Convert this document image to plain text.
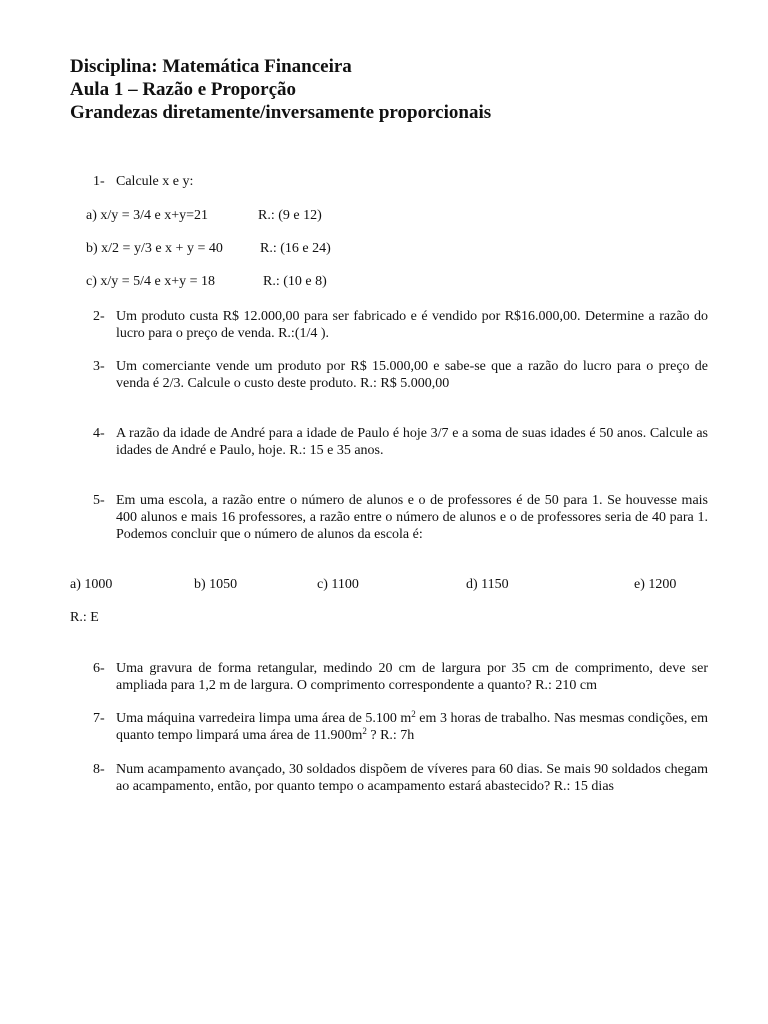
Disciplina: Matemática Financeira
Aula 1 – Razão e Proporção
Grandezas diretamente/inversamente proporcionais
1- Calcule x e y:
a) x/y = 3/4 e x+y=21	R.: (9 e 12)
b) x/2 = y/3 e x + y = 40	R.: (16 e 24)
c) x/y = 5/4 e x+y = 18	R.: (10 e 8)
2- Um produto custa R$ 12.000,00 para ser fabricado e é vendido por R$16.000,00. Determine a razão do lucro para o preço de venda. R.:(1/4 ).
3- Um comerciante vende um produto por R$ 15.000,00 e sabe-se que a razão do lucro para o preço de venda é 2/3. Calcule o custo deste produto. R.: R$ 5.000,00
4- A razão da idade de André para a idade de Paulo é hoje 3/7 e a soma de suas idades é 50 anos. Calcule as idades de André e Paulo, hoje. R.: 15 e 35 anos.
5- Em uma escola, a razão entre o número de alunos e o de professores é de 50 para 1. Se houvesse mais 400 alunos e mais 16 professores, a razão entre o número de alunos e o de professores seria de 40 para 1. Podemos concluir que o número de alunos da escola é:
a) 1000	b) 1050	c) 1100	d) 1150	e) 1200
R.: E
6- Uma gravura de forma retangular, medindo 20 cm de largura por 35 cm de comprimento, deve ser ampliada para 1,2 m de largura. O comprimento correspondente a quanto? R.: 210 cm
7- Uma máquina varredeira limpa uma área de 5.100 $m^2$ em 3 horas de trabalho. Nas mesmas condições, em quanto tempo limpará uma área de $11.900m^2$ ? R.: 7h
8- Num acampamento avançado, 30 soldados dispõem de víveres para 60 dias. Se mais 90 soldados chegam ao acampamento, então, por quanto tempo o acampamento estará abastecido? R.: 15 dias
